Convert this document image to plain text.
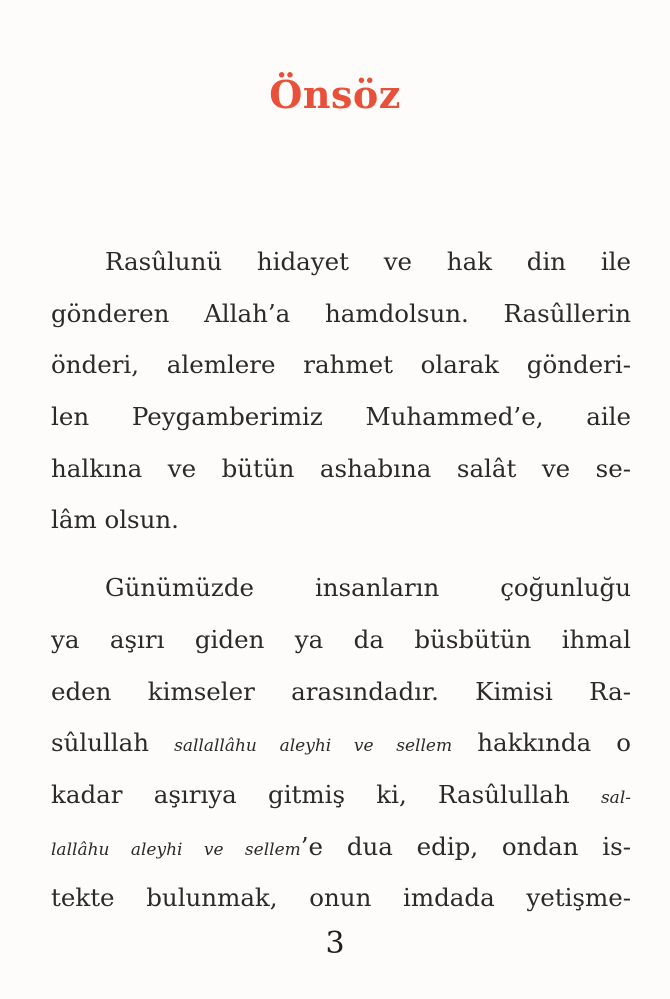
Önsöz
Rasûlunü hidayet ve hak din ile
gönderen Allah’a hamdolsun. Rasûllerin
önderi, alemlere rahmet olarak gönderi-
len Peygamberimiz Muhammed’e, aile
halkına ve bütün ashabına salât ve se-
lâm olsun.
Günümüzde insanların çoğunluğu
ya aşırı giden ya da büsbütün ihmal
eden kimseler arasındadır. Kimisi Ra-
sûlullah sallallâhu aleyhi ve sellem hakkında o
kadar aşırıya gitmiş ki, Rasûlullah sal-
lallâhu aleyhi ve sellem’e dua edip, ondan is-
tekte bulunmak, onun imdada yetişme-
3
